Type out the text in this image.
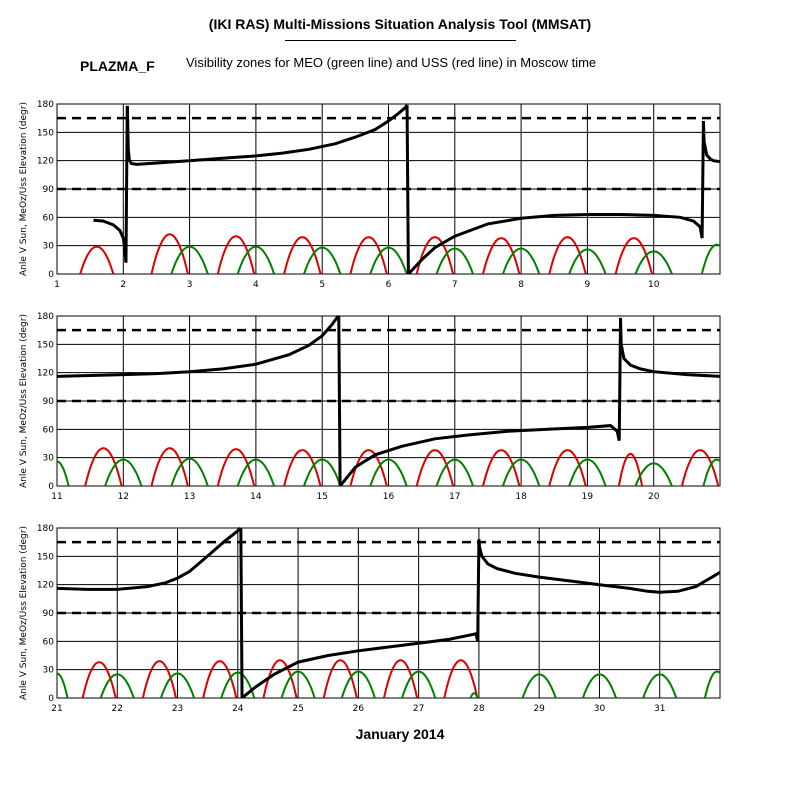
(IKI RAS) Multi-Missions Situation Analysis Tool (MMSAT)
PLAZMA_F Visibility zones for MEO (green line) and USS (red line) in Moscow time
0
30
60
90
120
150
180
1	2	3	4	5	6	7	8	9	10
Anle V Sun, MeOz/Uss Elevation (degr)
0
30
60
90
120
150
180
11	12	13	14	15	16	17	18	19	20
Anle V Sun, MeOz/Uss Elevation (degr)
0
30
60
90
120
150
180
21	22	23	24	25	26	27	28	29	30	31
Anle V Sun, MeOz/Uss Elevation (degr)
January 2014
